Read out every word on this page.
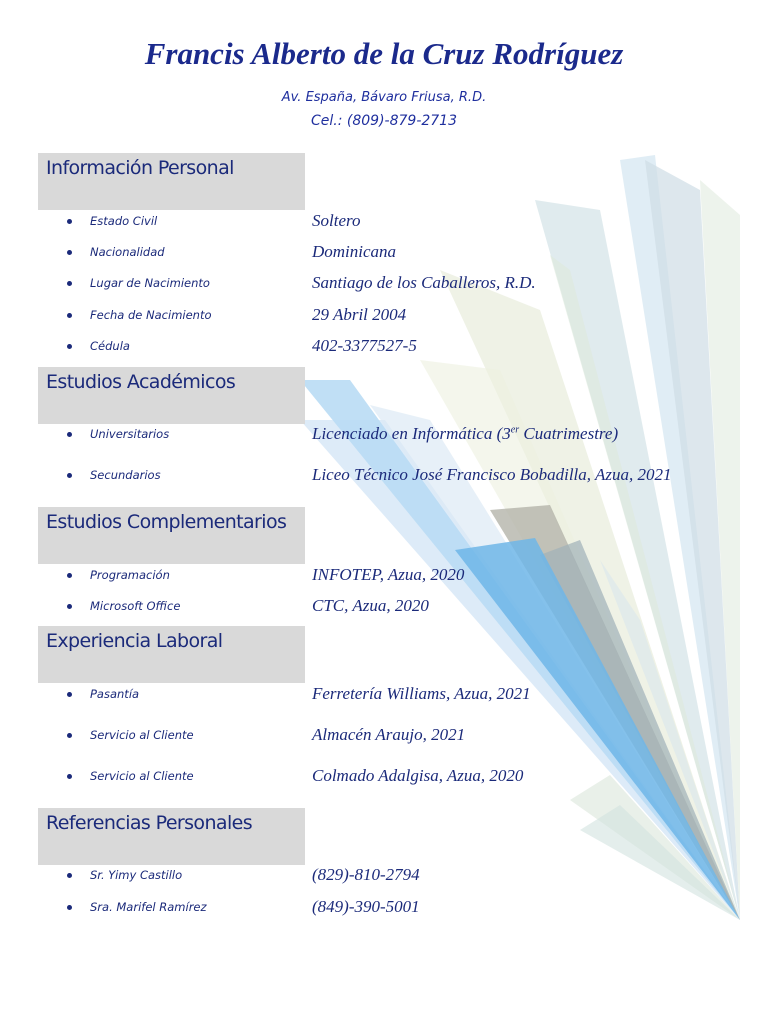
Francis Alberto de la Cruz Rodríguez
Av. España, Bávaro Friusa, R.D.
Cel.: (809)-879-2713
Información Personal
Estado Civil	Soltero
Nacionalidad	Dominicana
Lugar de Nacimiento	Santiago de los Caballeros, R.D.
Fecha de Nacimiento	29 Abril 2004
Cédula	402-3377527-5
Estudios Académicos
Universitarios	Licenciado en Informática (3er Cuatrimestre)
Secundarios	Liceo Técnico José Francisco Bobadilla, Azua, 2021
Estudios Complementarios
Programación	INFOTEP, Azua, 2020
Microsoft Office	CTC, Azua, 2020
Experiencia Laboral
Pasantía	Ferretería Williams, Azua, 2021
Servicio al Cliente	Almacén Araujo, 2021
Servicio al Cliente	Colmado Adalgisa, Azua, 2020
Referencias Personales
Sr. Yimy Castillo	(829)-810-2794
Sra. Marifel Ramírez	(849)-390-5001
